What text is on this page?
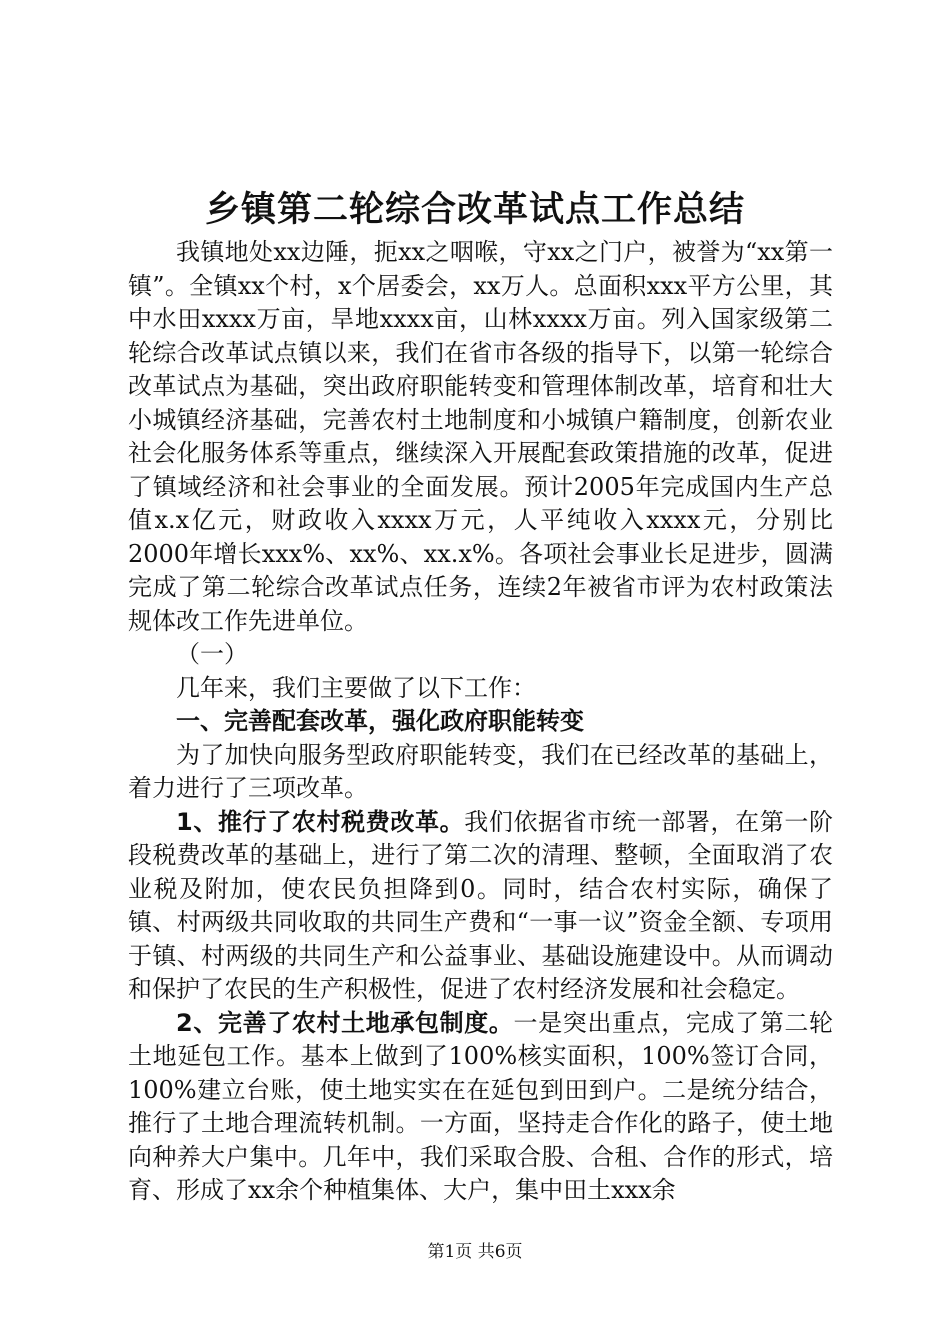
乡镇第二轮综合改革试点工作总结

我镇地处xx边陲，扼xx之咽喉，守xx之门户，被誉为“xx第一镇”。全镇xx个村，x个居委会，xx万人。总面积xxx平方公里，其中水田xxxx万亩，旱地xxxx亩，山林xxxx万亩。列入国家级第二轮综合改革试点镇以来，我们在省市各级的指导下，以第一轮综合改革试点为基础，突出政府职能转变和管理体制改革，培育和壮大小城镇经济基础，完善农村土地制度和小城镇户籍制度，创新农业社会化服务体系等重点，继续深入开展配套政策措施的改革，促进了镇域经济和社会事业的全面发展。预计2005年完成国内生产总值x.x亿元，财政收入xxxx万元，人平纯收入xxxx元，分别比2000年增长xxx%、xx%、xx.x%。各项社会事业长足进步，圆满完成了第二轮综合改革试点任务，连续2年被省市评为农村政策法规体改工作先进单位。

（一）

几年来，我们主要做了以下工作：

一、完善配套改革，强化政府职能转变

为了加快向服务型政府职能转变，我们在已经改革的基础上，着力进行了三项改革。

1、推行了农村税费改革。我们依据省市统一部署，在第一阶段税费改革的基础上，进行了第二次的清理、整顿，全面取消了农业税及附加，使农民负担降到0。同时，结合农村实际，确保了镇、村两级共同收取的共同生产费和“一事一议”资金全额、专项用于镇、村两级的共同生产和公益事业、基础设施建设中。从而调动和保护了农民的生产积极性，促进了农村经济发展和社会稳定。

2、完善了农村土地承包制度。一是突出重点，完成了第二轮土地延包工作。基本上做到了100%核实面积，100%签订合同，100%建立台账，使土地实实在在延包到田到户。二是统分结合，推行了土地合理流转机制。一方面，坚持走合作化的路子，使土地向种养大户集中。几年中，我们采取合股、合租、合作的形式，培育、形成了xx余个种植集体、大户，集中田土xxx余

第1页 共6页
